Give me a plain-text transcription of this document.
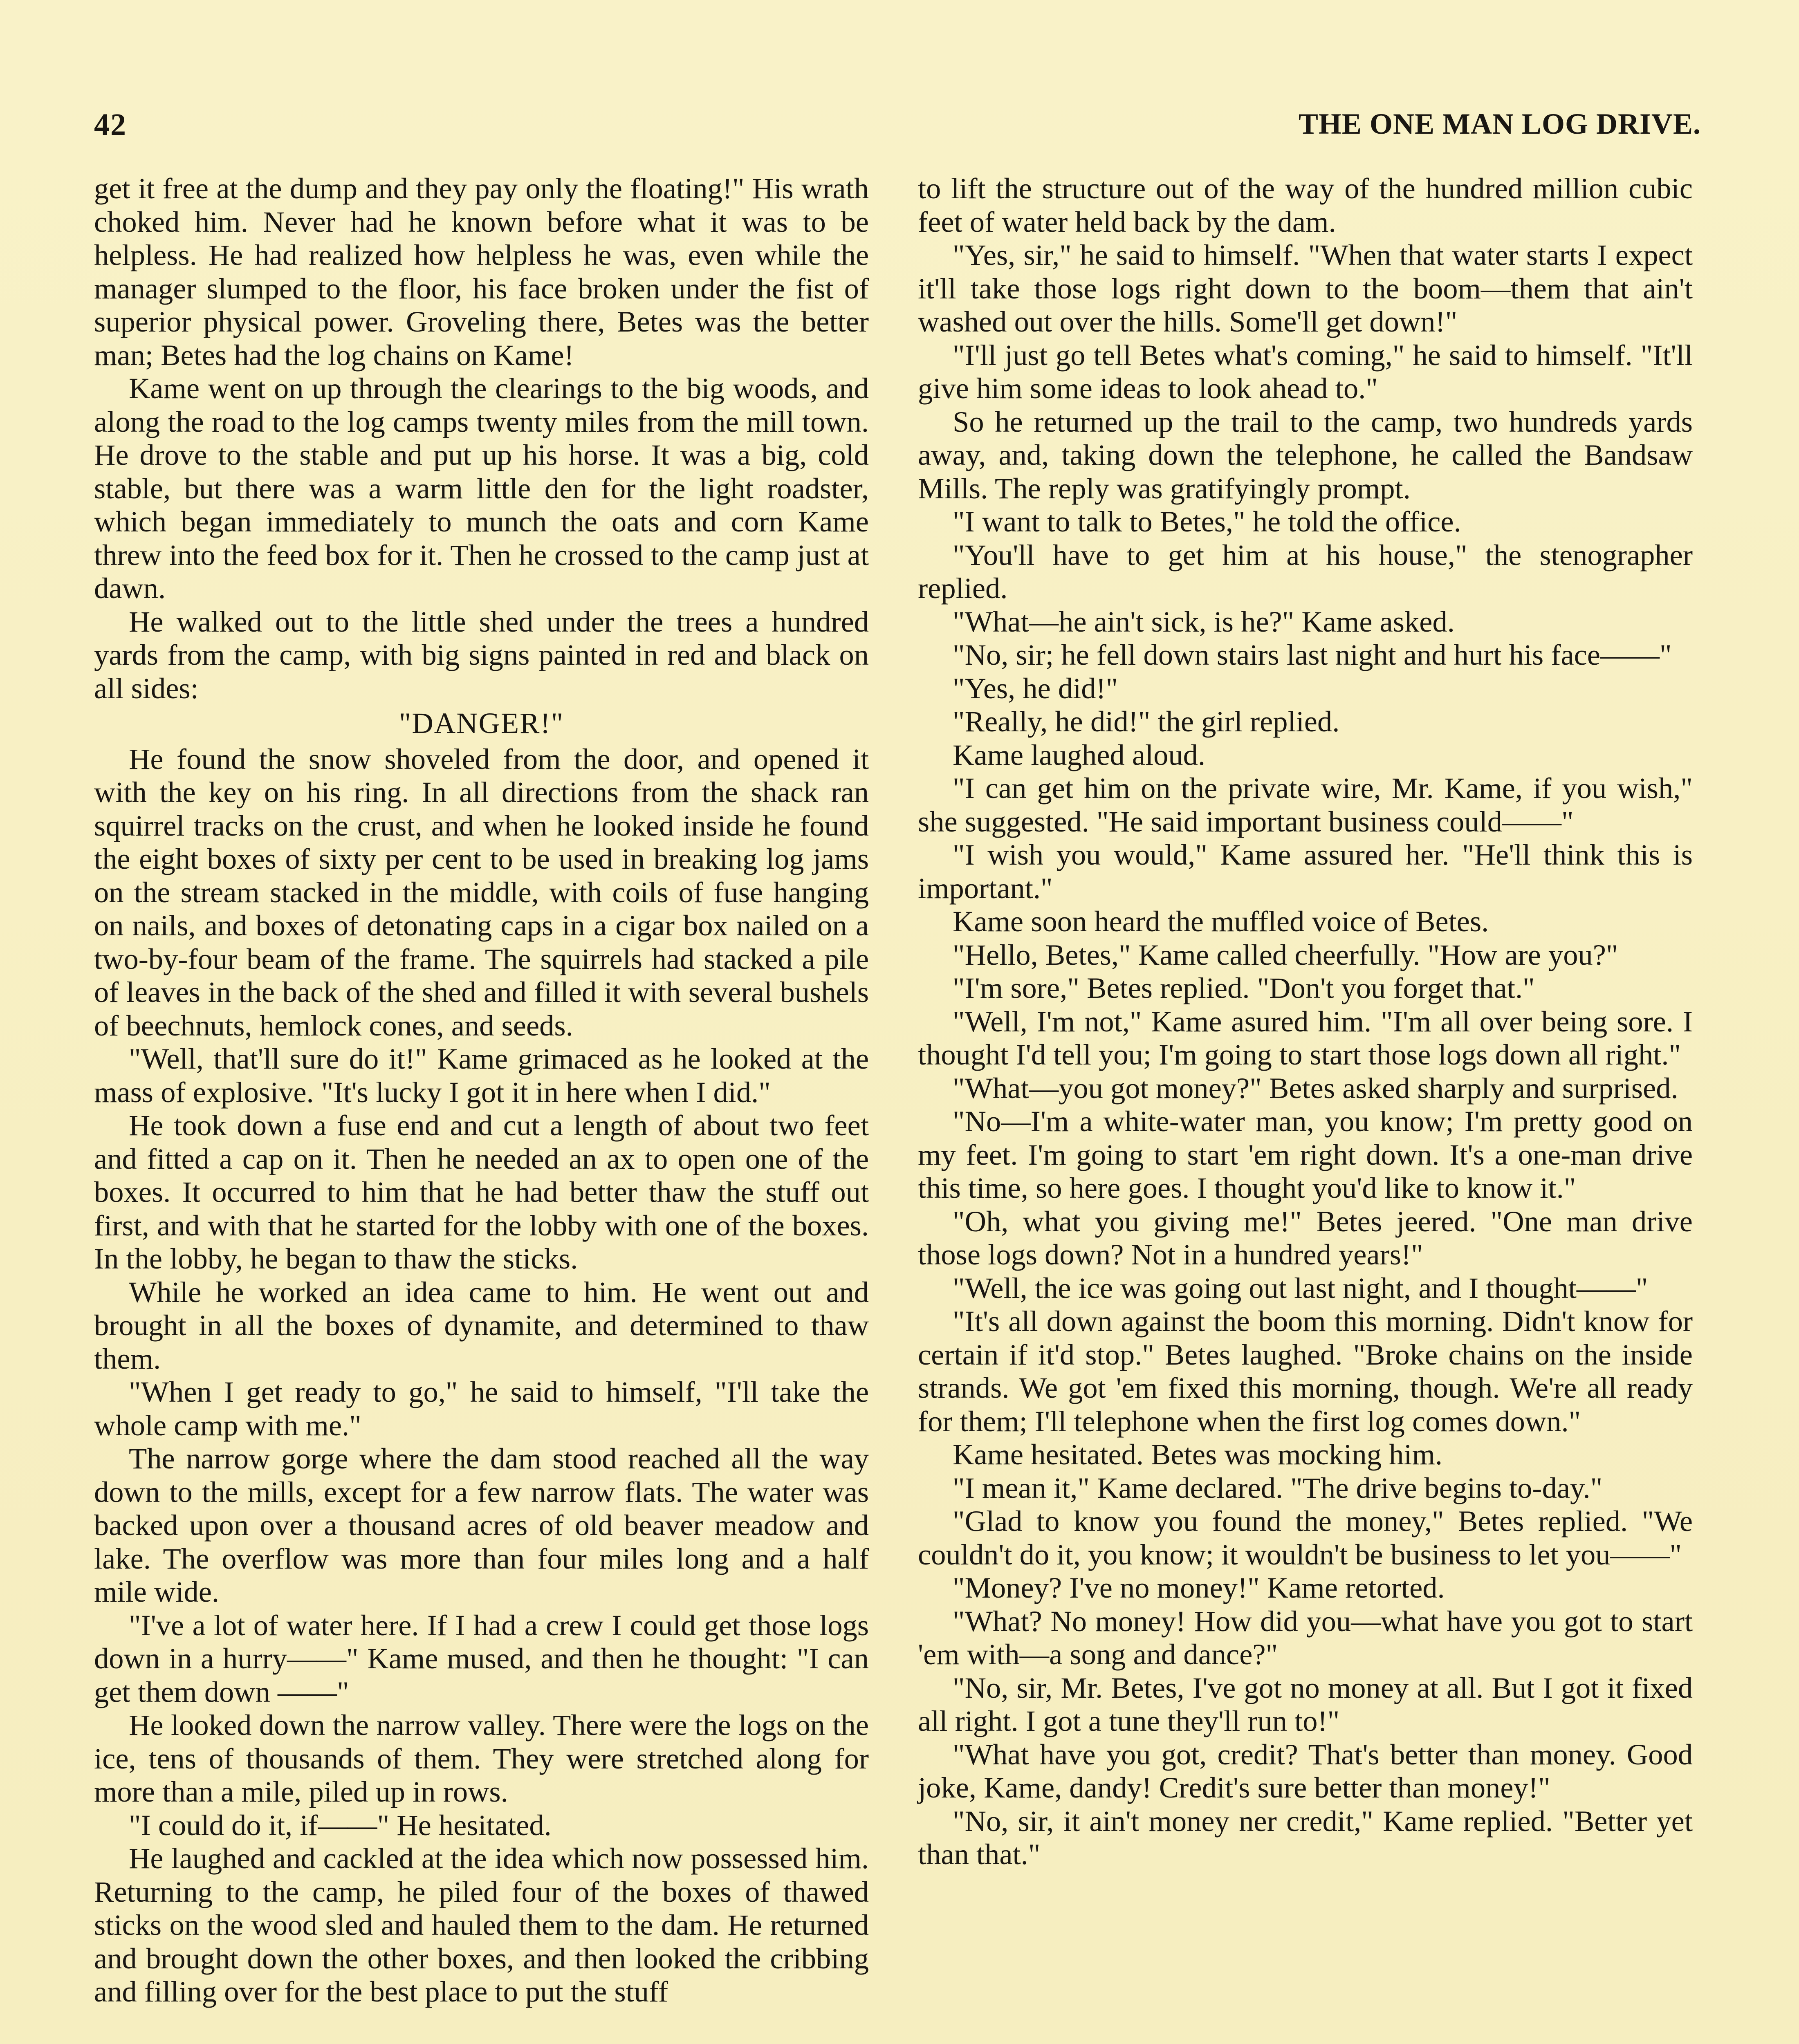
42	THE ONE MAN LOG DRIVE.

get it free at the dump and they pay only the floating!" His wrath choked him. Never had he known before what it was to be helpless. He had realized how helpless he was, even while the manager slumped to the floor, his face broken under the fist of superior physical power. Groveling there, Betes was the better man; Betes had the log chains on Kame!

Kame went on up through the clearings to the big woods, and along the road to the log camps twenty miles from the mill town. He drove to the stable and put up his horse. It was a big, cold stable, but there was a warm little den for the light roadster, which began immediately to munch the oats and corn Kame threw into the feed box for it. Then he crossed to the camp just at dawn.

He walked out to the little shed under the trees a hundred yards from the camp, with big signs painted in red and black on all sides:

"DANGER!"

He found the snow shoveled from the door, and opened it with the key on his ring. In all directions from the shack ran squirrel tracks on the crust, and when he looked inside he found the eight boxes of sixty per cent to be used in breaking log jams on the stream stacked in the middle, with coils of fuse hanging on nails, and boxes of detonating caps in a cigar box nailed on a two-by-four beam of the frame. The squirrels had stacked a pile of leaves in the back of the shed and filled it with several bushels of beechnuts, hemlock cones, and seeds.

"Well, that'll sure do it!" Kame grimaced as he looked at the mass of explosive. "It's lucky I got it in here when I did."

He took down a fuse end and cut a length of about two feet and fitted a cap on it. Then he needed an ax to open one of the boxes. It occurred to him that he had better thaw the stuff out first, and with that he started for the lobby with one of the boxes. In the lobby, he began to thaw the sticks.

While he worked an idea came to him. He went out and brought in all the boxes of dynamite, and determined to thaw them.

"When I get ready to go," he said to himself, "I'll take the whole camp with me."

The narrow gorge where the dam stood reached all the way down to the mills, except for a few narrow flats. The water was backed upon over a thousand acres of old beaver meadow and lake. The overflow was more than four miles long and a half mile wide.

"I've a lot of water here. If I had a crew I could get those logs down in a hurry——" Kame mused, and then he thought: "I can get them down ——"

He looked down the narrow valley. There were the logs on the ice, tens of thousands of them. They were stretched along for more than a mile, piled up in rows.

"I could do it, if——" He hesitated.

He laughed and cackled at the idea which now possessed him. Returning to the camp, he piled four of the boxes of thawed sticks on the wood sled and hauled them to the dam. He returned and brought down the other boxes, and then looked the cribbing and filling over for the best place to put the stuff

to lift the structure out of the way of the hundred million cubic feet of water held back by the dam.

"Yes, sir," he said to himself. "When that water starts I expect it'll take those logs right down to the boom—them that ain't washed out over the hills. Some'll get down!"

"I'll just go tell Betes what's coming," he said to himself. "It'll give him some ideas to look ahead to."

So he returned up the trail to the camp, two hundreds yards away, and, taking down the telephone, he called the Bandsaw Mills. The reply was gratifyingly prompt.

"I want to talk to Betes," he told the office.

"You'll have to get him at his house," the stenographer replied.

"What—he ain't sick, is he?" Kame asked.

"No, sir; he fell down stairs last night and hurt his face——"

"Yes, he did!"

"Really, he did!" the girl replied.

Kame laughed aloud.

"I can get him on the private wire, Mr. Kame, if you wish," she suggested. "He said important business could——"

"I wish you would," Kame assured her. "He'll think this is important."

Kame soon heard the muffled voice of Betes.

"Hello, Betes," Kame called cheerfully. "How are you?"

"I'm sore," Betes replied. "Don't you forget that."

"Well, I'm not," Kame asured him. "I'm all over being sore. I thought I'd tell you; I'm going to start those logs down all right."

"What—you got money?" Betes asked sharply and surprised.

"No—I'm a white-water man, you know; I'm pretty good on my feet. I'm going to start 'em right down. It's a one-man drive this time, so here goes. I thought you'd like to know it."

"Oh, what you giving me!" Betes jeered. "One man drive those logs down? Not in a hundred years!"

"Well, the ice was going out last night, and I thought——"

"It's all down against the boom this morning. Didn't know for certain if it'd stop." Betes laughed. "Broke chains on the inside strands. We got 'em fixed this morning, though. We're all ready for them; I'll telephone when the first log comes down."

Kame hesitated. Betes was mocking him.

"I mean it," Kame declared. "The drive begins to-day."

"Glad to know you found the money," Betes replied. "We couldn't do it, you know; it wouldn't be business to let you——"

"Money? I've no money!" Kame retorted.

"What? No money! How did you—what have you got to start 'em with—a song and dance?"

"No, sir, Mr. Betes, I've got no money at all. But I got it fixed all right. I got a tune they'll run to!"

"What have you got, credit? That's better than money. Good joke, Kame, dandy! Credit's sure better than money!"

"No, sir, it ain't money ner credit," Kame replied. "Better yet than that."
